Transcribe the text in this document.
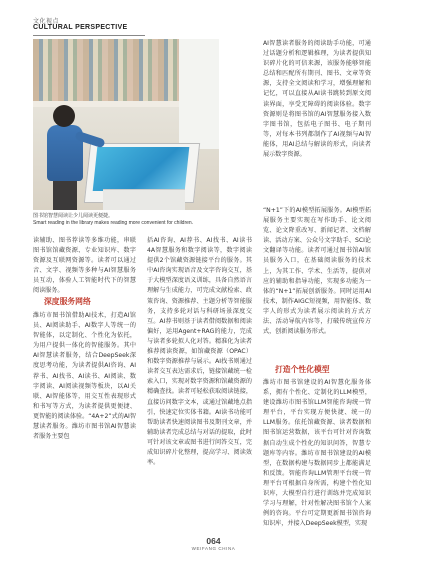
文化视点
CULTURAL PERSPECTIVE
图书馆智慧阅读让少儿阅读更便捷。
Smart reading in the library makes reading more convenient for children.
AI智慧读者服务的阅读助手功能，可通过话题分析和逻辑推理，为读者提供知识碎片化的可信来源，该服务能够智能总结和匹配所有期刊、图书、文章等资源，支持全文阅读和学习，增强理解和记忆，可以直接从AI读书跳转到原文阅读界面，享受无障碍的阅读体验。数字资源则是将图书馆的AI智慧服务接入数字图书馆，包括电子图书、电子期刊等，对每本书列都制作了AI视频与AI智能体，用AI总结与解读的形式，向读者展示数字资源。
“N+1”下的AI模型拓展服务。AI模型拓展服务主要实现在写作助手、论文阅览、论文降重改写、新闻记者、文档解读、活动方案、公众号文字助手、SCI论文翻译等功能。读者可通过图书馆AI馆员服务入口，在基础阅读服务的技术上，为其工作、学术、生活等，提供对应的辅助和指导功能，实现多功能为一体的“N+1”拓展创新服务。同时运用AI技术，制作AIGC短视频，用智能体、数字人的形式为读者展示阅读的方式方法、活动导航内容等，打破传统宣传方式，创新阅读服务形式。
读辅助、图书荐读等多维功能，串联图书馆馆藏资源、专业知识库、数字资源及互联网资源等。读者可以通过音、文字、视频等多种与AI智慧服务员互动，体验人工智能时代下的智慧阅读服务。
深度服务网络
潍坊市图书馆借助AI技术，打造AI馆员、AI阅读助手、AI数字人等统一的智能体，以定制化、个性化为依托，为用户提供一体化的智能服务。其中AI智慧读者服务，结合DeepSeek深度思考功能，为读者提供AI咨询、AI荐书、AI找书、AI读书、AI阅读、数字阅读、AI阅读视频等板块，以AI关联、AI智能体等，用交互性表现形式和书写等方式，为读者提供更便捷、更智能的阅读体验。“4A+2”式的AI智慧读者服务。潍坊市图书馆AI智慧读者服务主要包
括AI咨询、AI荐书、AI找书、AI读书4A智慧服务和数字阅读等，数字阅读提供2个馆藏资源链接平台的服务。其中AI咨询实现语音及文字咨询交互，基于大模型深度语义训练，具备自然语言理解与生成能力，可完成文献检索、政策咨询、资源推荐、主题分析等智能服务，支持多轮对话与科研场景深度交互。AI荐书则基于读者借阅数据和阅读偏好，运用Agent+RAG的能力，完成与读者多轮拟人化对答。精准化为读者推荐阅读资源，如馆藏资源（OPAC）和数字资源推荐与展示。AI找书则通过读者交互表达需求后，链接馆藏统一检索入口，实现对数字资源和馆藏资源的精确查找。读者可轻松获取阅读链接，直接访问数字文本，或通过馆藏地点指引，快速定位实体书籍。AI读书功能可帮助读者快速阅读图书及期刊文章，并辅助读者完成总结与对话的提取，此时可针对该文章或图书进行问答交互，完成知识碎片化整理，提高学习、阅读效率。
打造个性化模型
潍坊市图书馆建设的AI智慧化服务体系，拥有个性化、定制化的LLM模型，建设潍坊市图书馆LLM智能咨询统一管理平台，平台实现方便快捷、统一的LLM服务。依托馆藏资源、读者数据和图书馆运营数据，该平台可针对咨询数据自动生成个性化的知识问答，智慧专题库等内容。潍坊市图书馆建设的AI模型，在数据构建与数据同步上都能满足和反馈。智能咨询LLM管理平台统一管理平台可根据自身所需，构建个性化知识库，大模型自行进行训练并完成知识学习与理解，针对性解决图书馆个人案例的咨询。平台可定期更新图书馆咨询知识库，并接入DeepSeek模型，实现
064
WEIFANG CHINA
